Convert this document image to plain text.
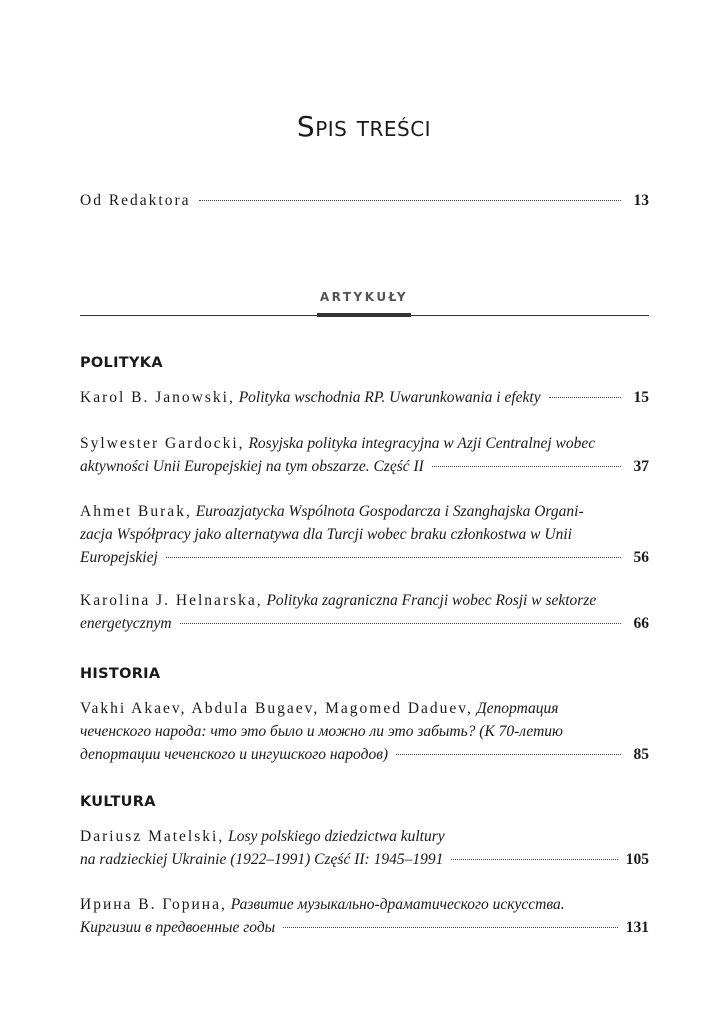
Spis treści
Od Redaktora	13
ARTYKUŁY
POLITYKA
Karol B. Janowski,
Polityka wschodnia RP. Uwarunkowania i efekty	15
Sylwester Gardocki,
Rosyjska polityka integracyjna w Azji Centralnej wobec
aktywności Unii Europejskiej na tym obszarze. Część II	37
Ahmet Burak,
Euroazjatycka Wspólnota Gospodarcza i Szanghajska Organi-
zacja Współpracy jako alternatywa dla Turcji wobec braku członkostwa w Unii
Europejskiej	56
Karolina J. Helnarska,
Polityka zagraniczna Francji wobec Rosji w sektorze
energetycznym	66
HISTORIA
Vakhi Akaev, Abdula Bugaev, Magomed Daduev,
Депортация
чеченского народа: что это было и можно ли это забыть? (К 70-летию
депортации чеченского и ингушского народов)	85
KULTURA
Dariusz Matelski,
Losy polskiego dziedzictwa kultury
na radzieckiej Ukrainie (1922–1991) Część II: 1945–1991	105
Ирина В. Горина,
Развитие музыкально-драматического искусства.
Киргизии в предвоенные годы	131
